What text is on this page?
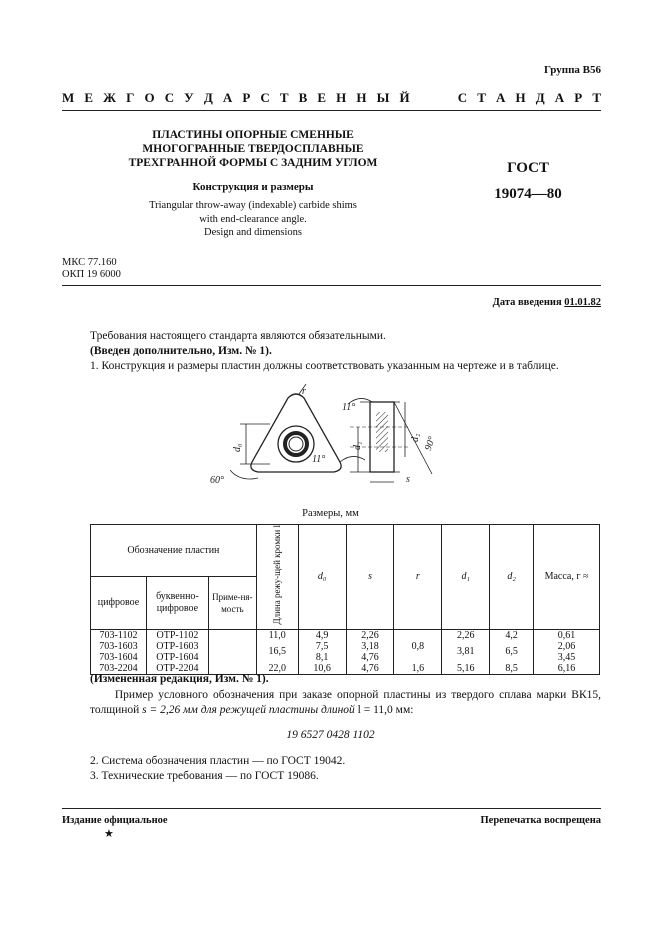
Группа В56
М Е Ж Г О С У Д А Р С Т В Е Н Н Ы Й	С Т А Н Д А Р Т
ПЛАСТИНЫ ОПОРНЫЕ СМЕННЫЕ
МНОГОГРАННЫЕ ТВЕРДОСПЛАВНЫЕ
ТРЕХГРАННОЙ ФОРМЫ С ЗАДНИМ УГЛОМ
Конструкция и размеры
Triangular throw-away (indexable) carbide shims
with end-clearance angle.
Design and dimensions
ГОСТ
19074—80
МКС 77.160
ОКП 19 6000
Дата введения 01.01.82
Требования настоящего стандарта являются обязательными.
(Введен дополнительно, Изм. № 1).
1. Конструкция и размеры пластин должны соответствовать указанным на чертеже и в таблице.
r
d₀
60°
11°
11°
d₁
d₂ 90°
s
Размеры, мм
Обозначение пластин			Длина режу-щей кромки l	d₀	s	r	d₁	d₂	Масса, г ≈
цифровое	буквенно-цифровое	Приме-ня-мость							
703-1102	OTP-1102		11,0	4,9	2,26	0,8	2,26	4,2	0,61
703-1603	OTP-1603		16,5	7,5	3,18		3,81	6,5	2,06
703-1604	OTP-1604			8,1	4,76				3,45
703-2204	OTP-2204		22,0	10,6	4,76	1,6	5,16	8,5	6,16
(Измененная редакция, Изм. № 1).
Пример условного обозначения при заказе опорной пластины из твердого сплава марки ВК15, толщиной s = 2,26 мм для режущей пластины длиной l = 11,0 мм:
19 6527 0428 1102
2. Система обозначения пластин — по ГОСТ 19042.
3. Технические требования — по ГОСТ 19086.
Издание официальное	Перепечатка воспрещена
★
